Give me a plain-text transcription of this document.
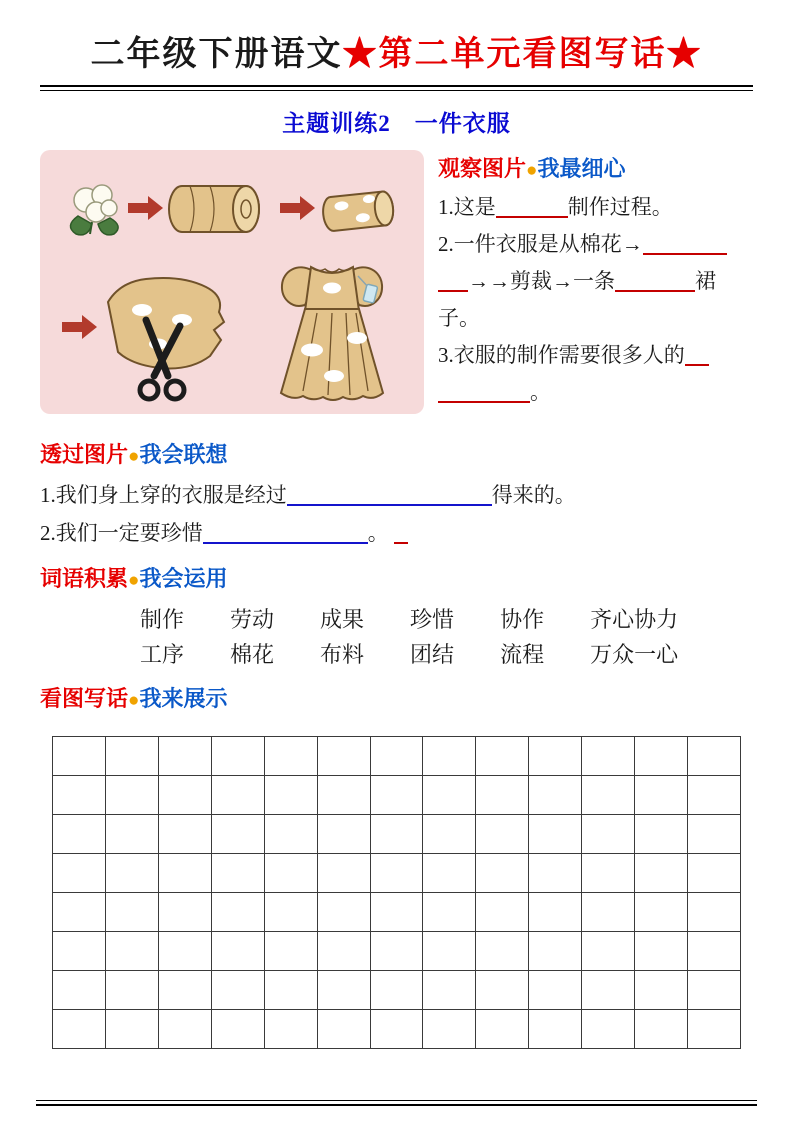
二年级下册语文★第二单元看图写话★
主题训练2　一件衣服
观察图片●我最细心
1.这是	制作过程。
2.一件衣服是从棉花→
→→剪裁→一条	裙
子。
3.衣服的制作需要很多人的
。
透过图片●我会联想
1.我们身上穿的衣服是经过	得来的。
2.我们一定要珍惜	。
词语积累●我会运用
制作 劳动 成果 珍惜 协作 齐心协力
工序 棉花 布料 团结 流程 万众一心
看图写话●我来展示
